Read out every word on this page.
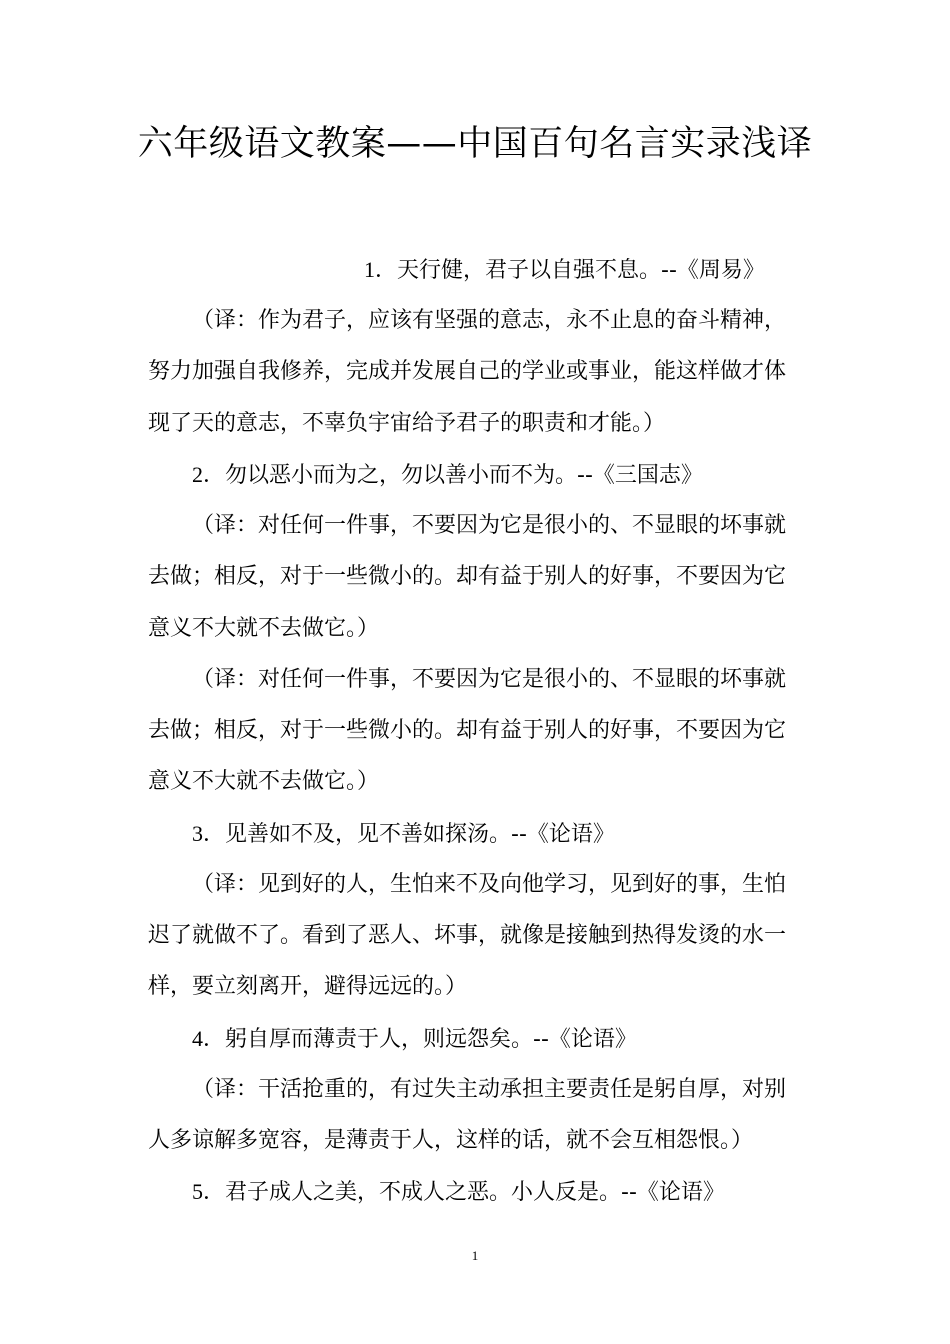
六年级语文教案——中国百句名言实录浅译
1．天行健，君子以自强不息。--《周易》
（译：作为君子，应该有坚强的意志，永不止息的奋斗精神，
努力加强自我修养，完成并发展自己的学业或事业，能这样做才体
现了天的意志，不辜负宇宙给予君子的职责和才能。）
2．勿以恶小而为之，勿以善小而不为。--《三国志》
（译：对任何一件事，不要因为它是很小的、不显眼的坏事就
去做；相反，对于一些微小的。却有益于别人的好事，不要因为它
意义不大就不去做它。）
（译：对任何一件事，不要因为它是很小的、不显眼的坏事就
去做；相反，对于一些微小的。却有益于别人的好事，不要因为它
意义不大就不去做它。）
3．见善如不及，见不善如探汤。--《论语》
（译：见到好的人，生怕来不及向他学习，见到好的事，生怕
迟了就做不了。看到了恶人、坏事，就像是接触到热得发烫的水一
样，要立刻离开，避得远远的。）
4．躬自厚而薄责于人，则远怨矣。--《论语》
（译：干活抢重的，有过失主动承担主要责任是躬自厚，对别
人多谅解多宽容，是薄责于人，这样的话，就不会互相怨恨。）
5．君子成人之美，不成人之恶。小人反是。--《论语》
1
